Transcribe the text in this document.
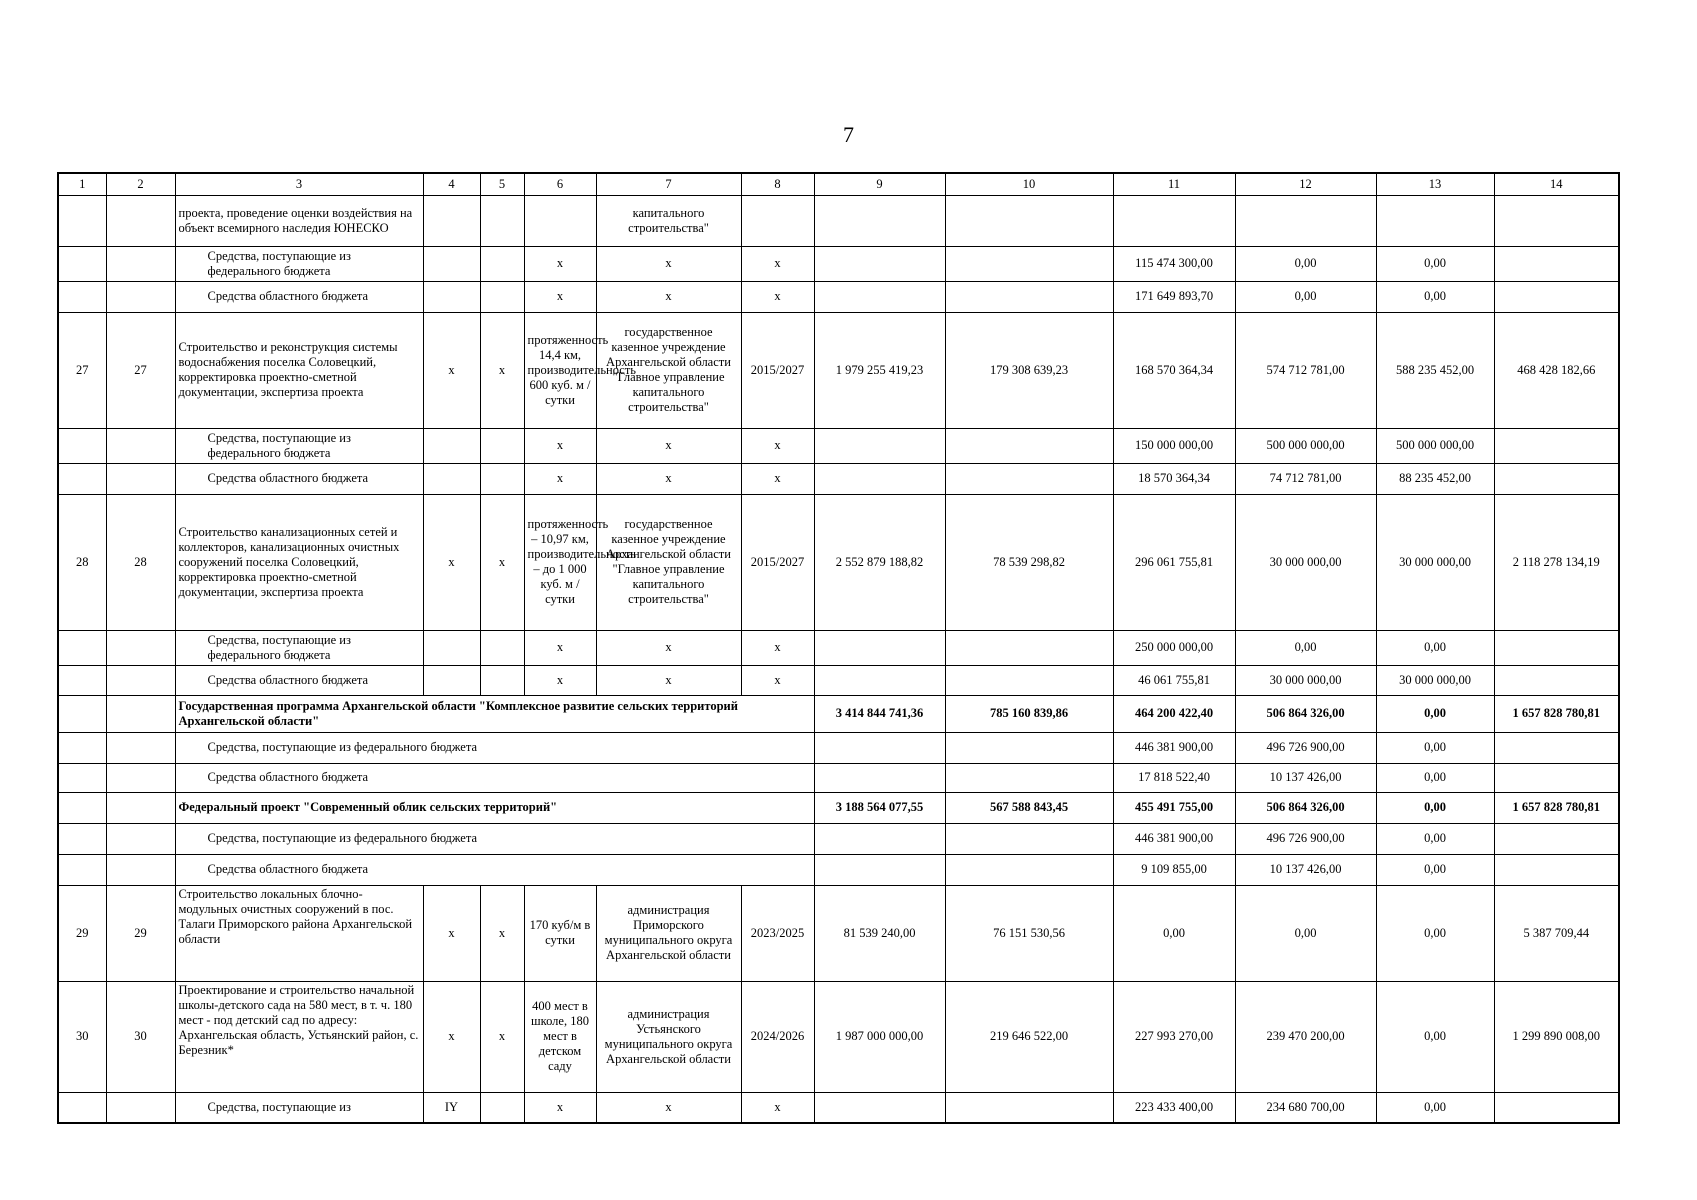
7
1	2	3	4	5	6	7	8	9	10	11	12	13	14
		проекта, проведение оценки воздействия на объект всемирного наследия ЮНЕСКО				капитального строительства"							
		Средства, поступающие из федерального бюджета			x	x	x			115 474 300,00	0,00	0,00	
		Средства областного бюджета			x	x	x			171 649 893,70	0,00	0,00	
27	27	Строительство и реконструкция системы водоснабжения поселка Соловецкий, корректировка проектно-сметной документации, экспертиза проекта	x	x	протяженность 14,4 км, производительность 600 куб. м / сутки	государственное казенное учреждение Архангельской области "Главное управление капитального строительства"	2015/2027	1 979 255 419,23	179 308 639,23	168 570 364,34	574 712 781,00	588 235 452,00	468 428 182,66
		Средства, поступающие из федерального бюджета			x	x	x			150 000 000,00	500 000 000,00	500 000 000,00	
		Средства областного бюджета			x	x	x			18 570 364,34	74 712 781,00	88 235 452,00	
28	28	Строительство канализационных сетей и коллекторов, канализационных очистных сооружений поселка Соловецкий, корректировка проектно-сметной документации, экспертиза проекта	x	x	протяженность – 10,97 км, производительность – до 1 000 куб. м / сутки	государственное казенное учреждение Архангельской области "Главное управление капитального строительства"	2015/2027	2 552 879 188,82	78 539 298,82	296 061 755,81	30 000 000,00	30 000 000,00	2 118 278 134,19
		Средства, поступающие из федерального бюджета			x	x	x			250 000 000,00	0,00	0,00	
		Средства областного бюджета			x	x	x			46 061 755,81	30 000 000,00	30 000 000,00	
		Государственная программа Архангельской области "Комплексное развитие сельских территорий Архангельской области"						3 414 844 741,36	785 160 839,86	464 200 422,40	506 864 326,00	0,00	1 657 828 780,81
		Средства, поступающие из федерального бюджета								446 381 900,00	496 726 900,00	0,00	
		Средства областного бюджета								17 818 522,40	10 137 426,00	0,00	
		Федеральный проект "Современный облик сельских территорий"						3 188 564 077,55	567 588 843,45	455 491 755,00	506 864 326,00	0,00	1 657 828 780,81
		Средства, поступающие из федерального бюджета								446 381 900,00	496 726 900,00	0,00	
		Средства областного бюджета								9 109 855,00	10 137 426,00	0,00	
29	29	Строительство локальных блочно-модульных очистных сооружений в пос. Талаги Приморского района Архангельской области	x	x	170 куб/м в сутки	администрация Приморского муниципального округа Архангельской области	2023/2025	81 539 240,00	76 151 530,56	0,00	0,00	0,00	5 387 709,44
30	30	Проектирование и строительство начальной школы-детского сада на 580 мест, в т. ч. 180 мест - под детский сад по адресу: Архангельская область, Устьянский район, с. Березник*	x	x	400 мест в школе, 180 мест в детском саду	администрация Устьянского муниципального округа Архангельской области	2024/2026	1 987 000 000,00	219 646 522,00	227 993 270,00	239 470 200,00	0,00	1 299 890 008,00
		Средства, поступающие из	IY		x	x	x			223 433 400,00	234 680 700,00	0,00	
